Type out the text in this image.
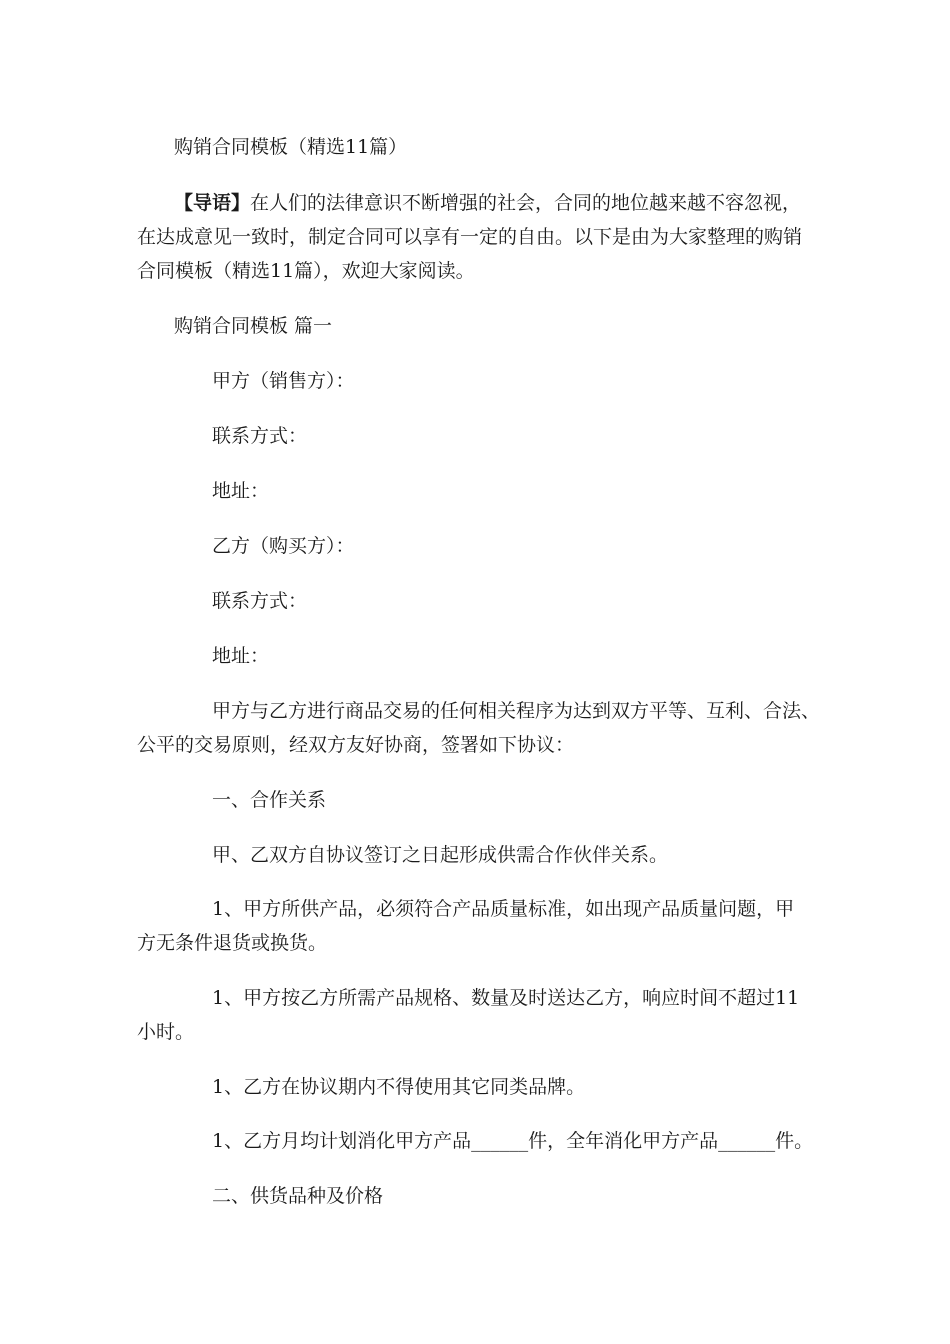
购销合同模板（精选11篇）
【导语】在人们的法律意识不断增强的社会，合同的地位越来越不容忽视，
在达成意见一致时，制定合同可以享有一定的自由。以下是由为大家整理的购销
合同模板（精选11篇），欢迎大家阅读。
购销合同模板 篇一
甲方（销售方）：
联系方式：
地址：
乙方（购买方）：
联系方式：
地址：
甲方与乙方进行商品交易的任何相关程序为达到双方平等、互利、合法、
公平的交易原则，经双方友好协商，签署如下协议：
一、合作关系
甲、乙双方自协议签订之日起形成供需合作伙伴关系。
1、甲方所供产品，必须符合产品质量标准，如出现产品质量问题，甲
方无条件退货或换货。
1、甲方按乙方所需产品规格、数量及时送达乙方，响应时间不超过11
小时。
1、乙方在协议期内不得使用其它同类品牌。
1、乙方月均计划消化甲方产品______件，全年消化甲方产品______件。
二、供货品种及价格
